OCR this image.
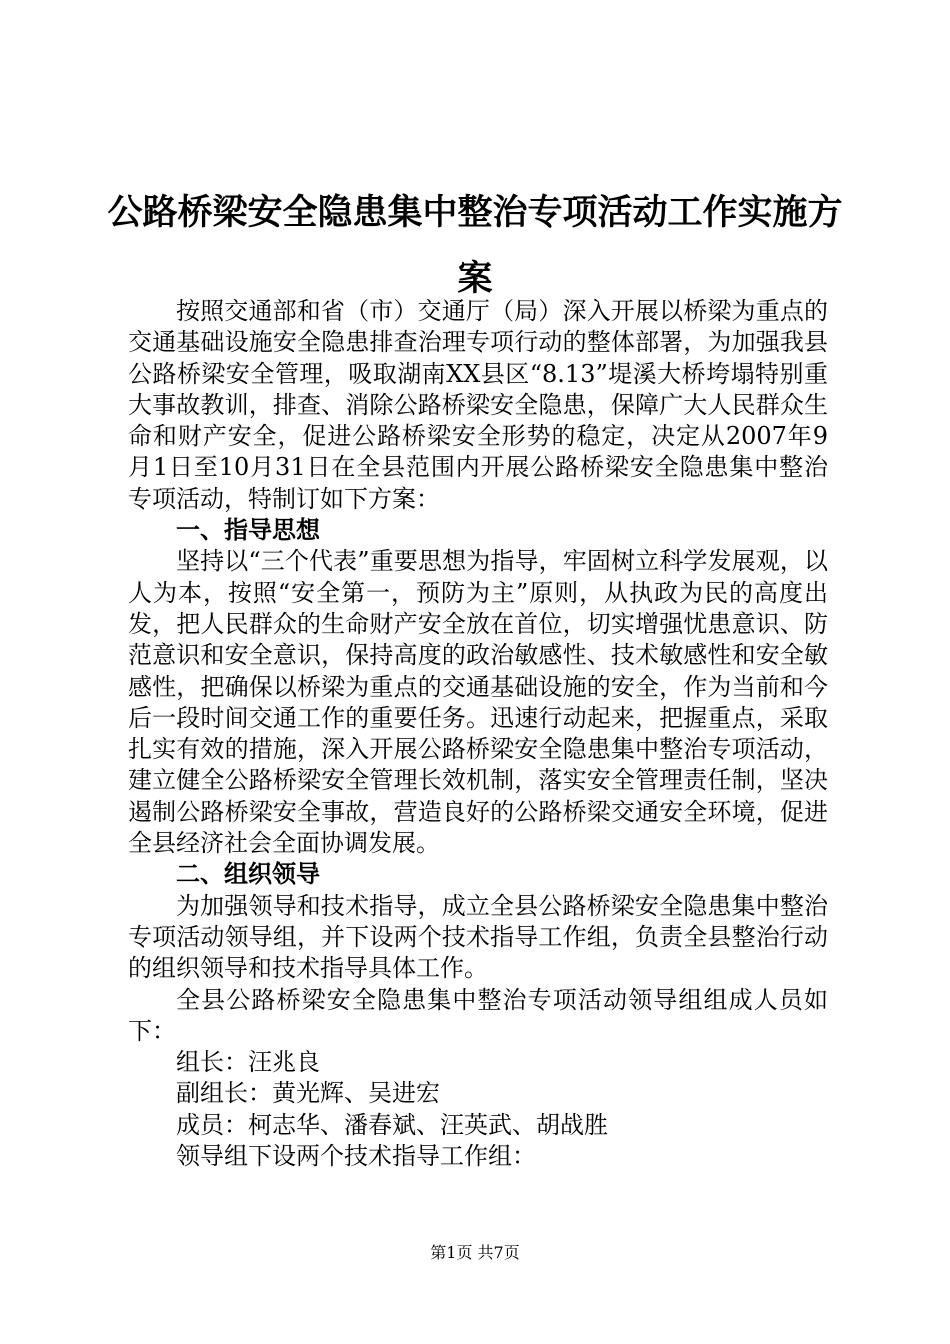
公路桥梁安全隐患集中整治专项活动工作实施方案

按照交通部和省（市）交通厅（局）深入开展以桥梁为重点的交通基础设施安全隐患排查治理专项行动的整体部署，为加强我县公路桥梁安全管理，吸取湖南XX县区“8.13”堤溪大桥垮塌特别重大事故教训，排查、消除公路桥梁安全隐患，保障广大人民群众生命和财产安全，促进公路桥梁安全形势的稳定，决定从2007年9月1日至10月31日在全县范围内开展公路桥梁安全隐患集中整治专项活动，特制订如下方案：

一、指导思想

坚持以“三个代表”重要思想为指导，牢固树立科学发展观，以人为本，按照“安全第一，预防为主”原则，从执政为民的高度出发，把人民群众的生命财产安全放在首位，切实增强忧患意识、防范意识和安全意识，保持高度的政治敏感性、技术敏感性和安全敏感性，把确保以桥梁为重点的交通基础设施的安全，作为当前和今后一段时间交通工作的重要任务。迅速行动起来，把握重点，采取扎实有效的措施，深入开展公路桥梁安全隐患集中整治专项活动，建立健全公路桥梁安全管理长效机制，落实安全管理责任制，坚决遏制公路桥梁安全事故，营造良好的公路桥梁交通安全环境，促进全县经济社会全面协调发展。

二、组织领导

为加强领导和技术指导，成立全县公路桥梁安全隐患集中整治专项活动领导组，并下设两个技术指导工作组，负责全县整治行动的组织领导和技术指导具体工作。

全县公路桥梁安全隐患集中整治专项活动领导组组成人员如下：

组长：汪兆良

副组长：黄光辉、吴进宏

成员：柯志华、潘春斌、汪英武、胡战胜

领导组下设两个技术指导工作组：

第1页 共7页
